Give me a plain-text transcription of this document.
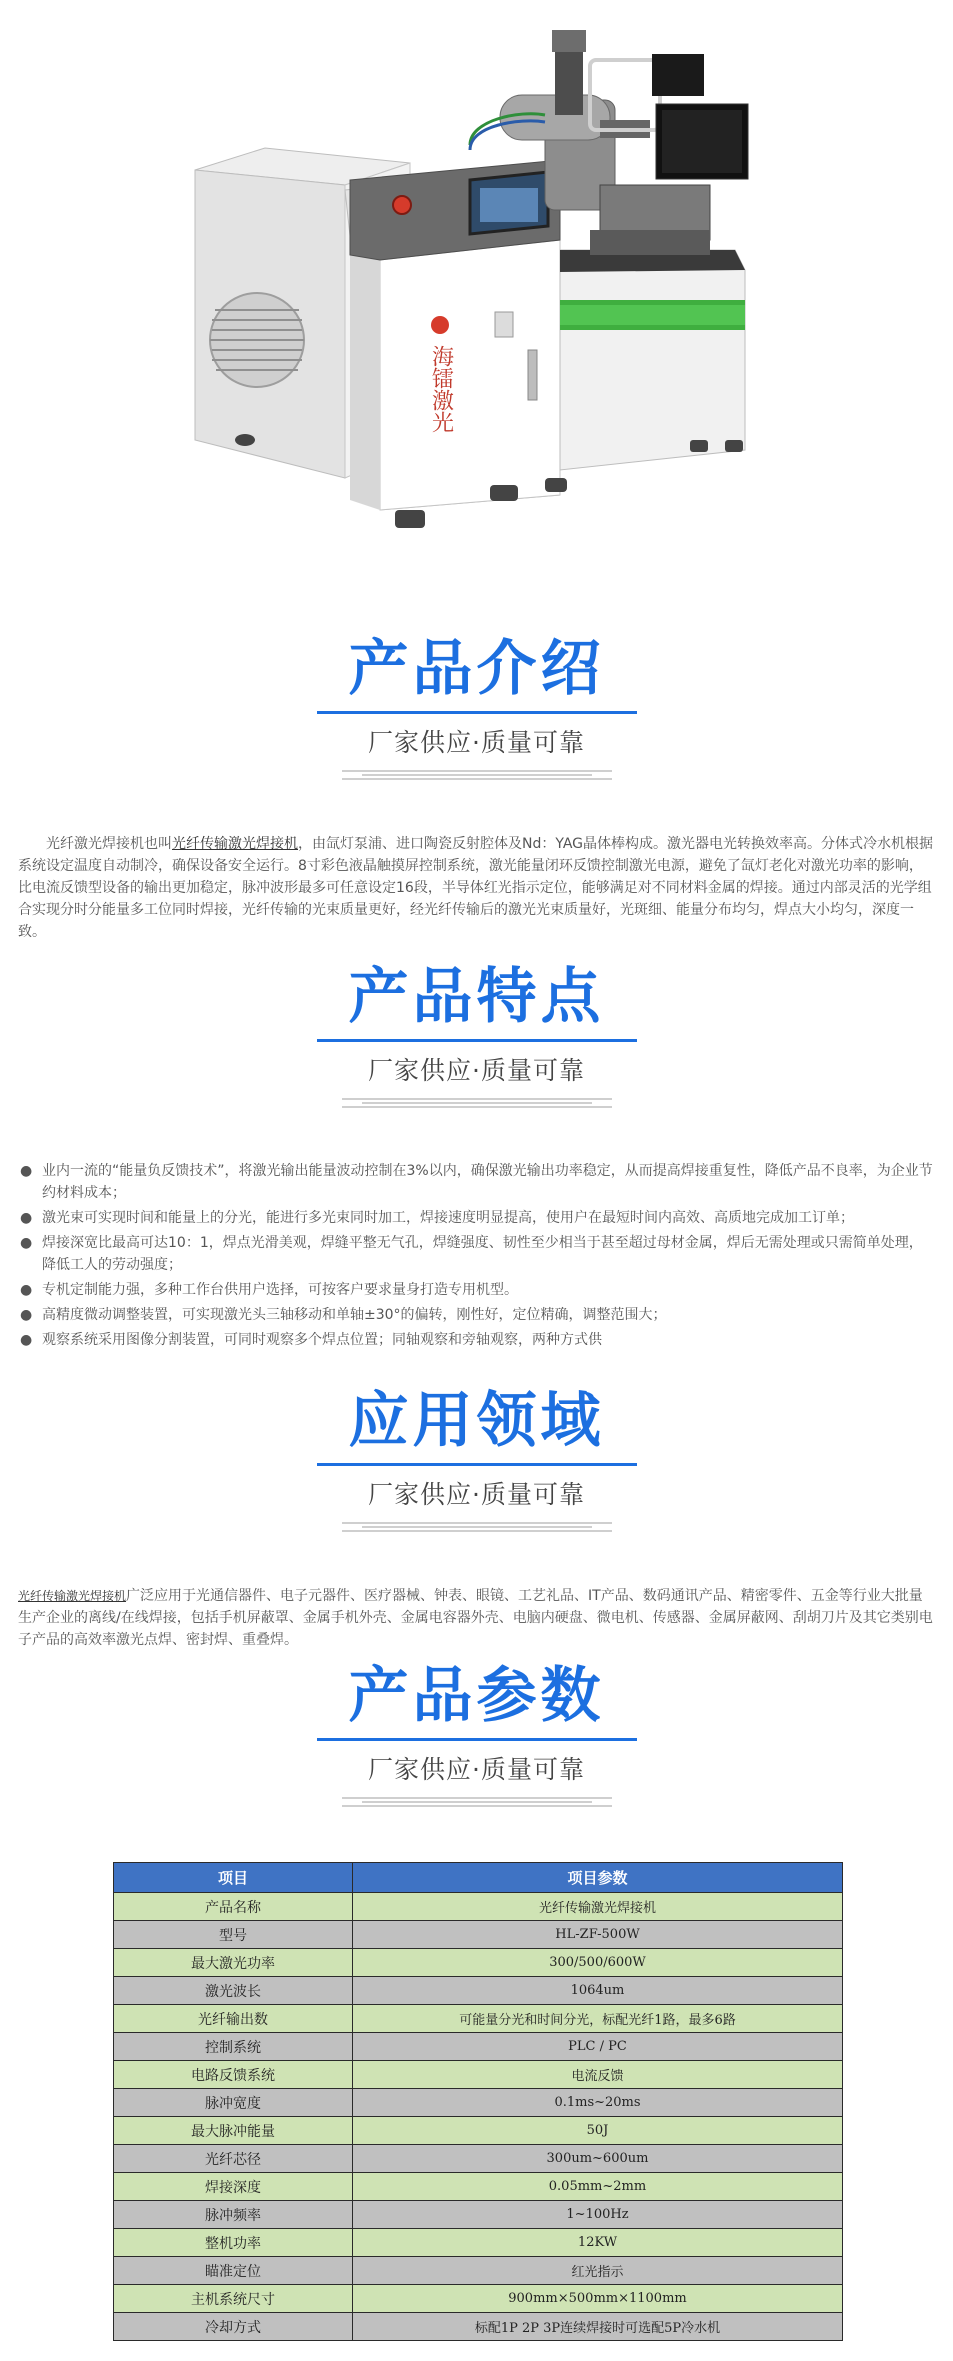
海镭激光
产品介绍
厂家供应·质量可靠
光纤激光焊接机也叫光纤传输激光焊接机，由氙灯泵浦、进口陶瓷反射腔体及Nd：YAG晶体棒构成。激光器电光转换效率高。分体式冷水机根据系统设定温度自动制冷，确保设备安全运行。8寸彩色液晶触摸屏控制系统，激光能量闭环反馈控制激光电源，避免了氙灯老化对激光功率的影响，比电流反馈型设备的输出更加稳定，脉冲波形最多可任意设定16段，半导体红光指示定位，能够满足对不同材料金属的焊接。通过内部灵活的光学组合实现分时分能量多工位同时焊接，光纤传输的光束质量更好，经光纤传输后的激光光束质量好，光斑细、能量分布均匀，焊点大小均匀，深度一致。
产品特点
厂家供应·质量可靠
● 业内一流的“能量负反馈技术”，将激光输出能量波动控制在3%以内，确保激光输出功率稳定，从而提高焊接重复性，降低产品不良率，为企业节约材料成本；
● 激光束可实现时间和能量上的分光，能进行多光束同时加工，焊接速度明显提高，使用户在最短时间内高效、高质地完成加工订单；
● 焊接深宽比最高可达10：1，焊点光滑美观，焊缝平整无气孔，焊缝强度、韧性至少相当于甚至超过母材金属，焊后无需处理或只需简单处理，降低工人的劳动强度；
● 专机定制能力强，多种工作台供用户选择，可按客户要求量身打造专用机型。
● 高精度微动调整装置，可实现激光头三轴移动和单轴±30°的偏转，刚性好，定位精确，调整范围大；
● 观察系统采用图像分割装置，可同时观察多个焊点位置；同轴观察和旁轴观察，两种方式供
应用领域
厂家供应·质量可靠
光纤传输激光焊接机广泛应用于光通信器件、电子元器件、医疗器械、钟表、眼镜、工艺礼品、IT产品、数码通讯产品、精密零件、五金等行业大批量生产企业的离线/在线焊接，包括手机屏蔽罩、金属手机外壳、金属电容器外壳、电脑内硬盘、微电机、传感器、金属屏蔽网、刮胡刀片及其它类别电子产品的高效率激光点焊、密封焊、重叠焊。
产品参数
厂家供应·质量可靠
项目	项目参数
产品名称	光纤传输激光焊接机
型号	HL-ZF-500W
最大激光功率	300/500/600W
激光波长	1064um
光纤输出数	可能量分光和时间分光，标配光纤1路，最多6路
控制系统	PLC / PC
电路反馈系统	电流反馈
脉冲宽度	0.1ms~20ms
最大脉冲能量	50J
光纤芯径	300um~600um
焊接深度	0.05mm~2mm
脉冲频率	1~100Hz
整机功率	12KW
瞄准定位	红光指示
主机系统尺寸	900mm×500mm×1100mm
冷却方式	标配1P 2P 3P连续焊接时可选配5P冷水机
